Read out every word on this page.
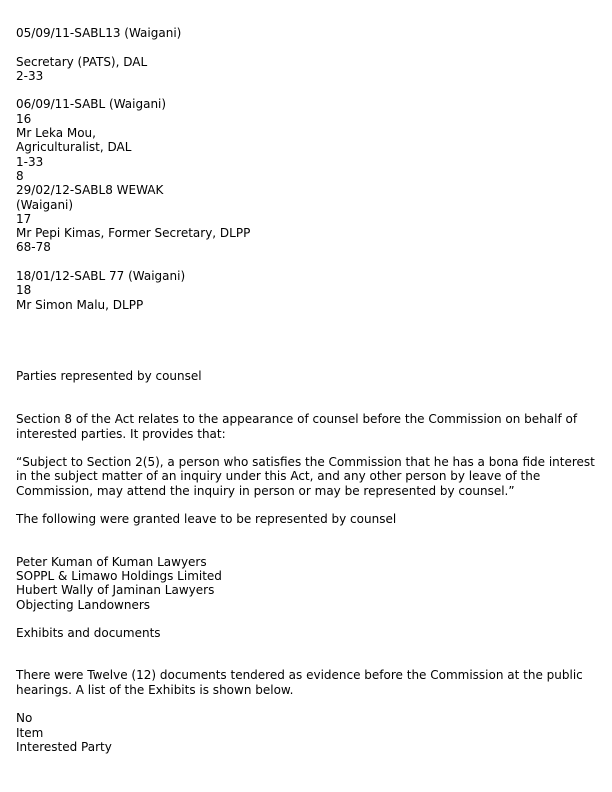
05/09/11-SABL13 (Waigani)
Secretary (PATS), DAL
2-33
06/09/11-SABL (Waigani)
16
Mr Leka Mou,
Agriculturalist, DAL
1-33
8
29/02/12-SABL8 WEWAK
(Waigani)
17
Mr Pepi Kimas, Former Secretary, DLPP
68-78
18/01/12-SABL 77 (Waigani)
18
Mr Simon Malu, DLPP
Parties represented by counsel
Section 8 of the Act relates to the appearance of counsel before the Commission on behalf of interested parties. It provides that:
“Subject to Section 2(5), a person who satisfies the Commission that he has a bona fide interest in the subject matter of an inquiry under this Act, and any other person by leave of the Commission, may attend the inquiry in person or may be represented by counsel.”
The following were granted leave to be represented by counsel
Peter Kuman of Kuman Lawyers
SOPPL & Limawo Holdings Limited
Hubert Wally of Jaminan Lawyers
Objecting Landowners
Exhibits and documents
There were Twelve (12) documents tendered as evidence before the Commission at the public hearings. A list of the Exhibits is shown below.
No
Item
Interested Party
